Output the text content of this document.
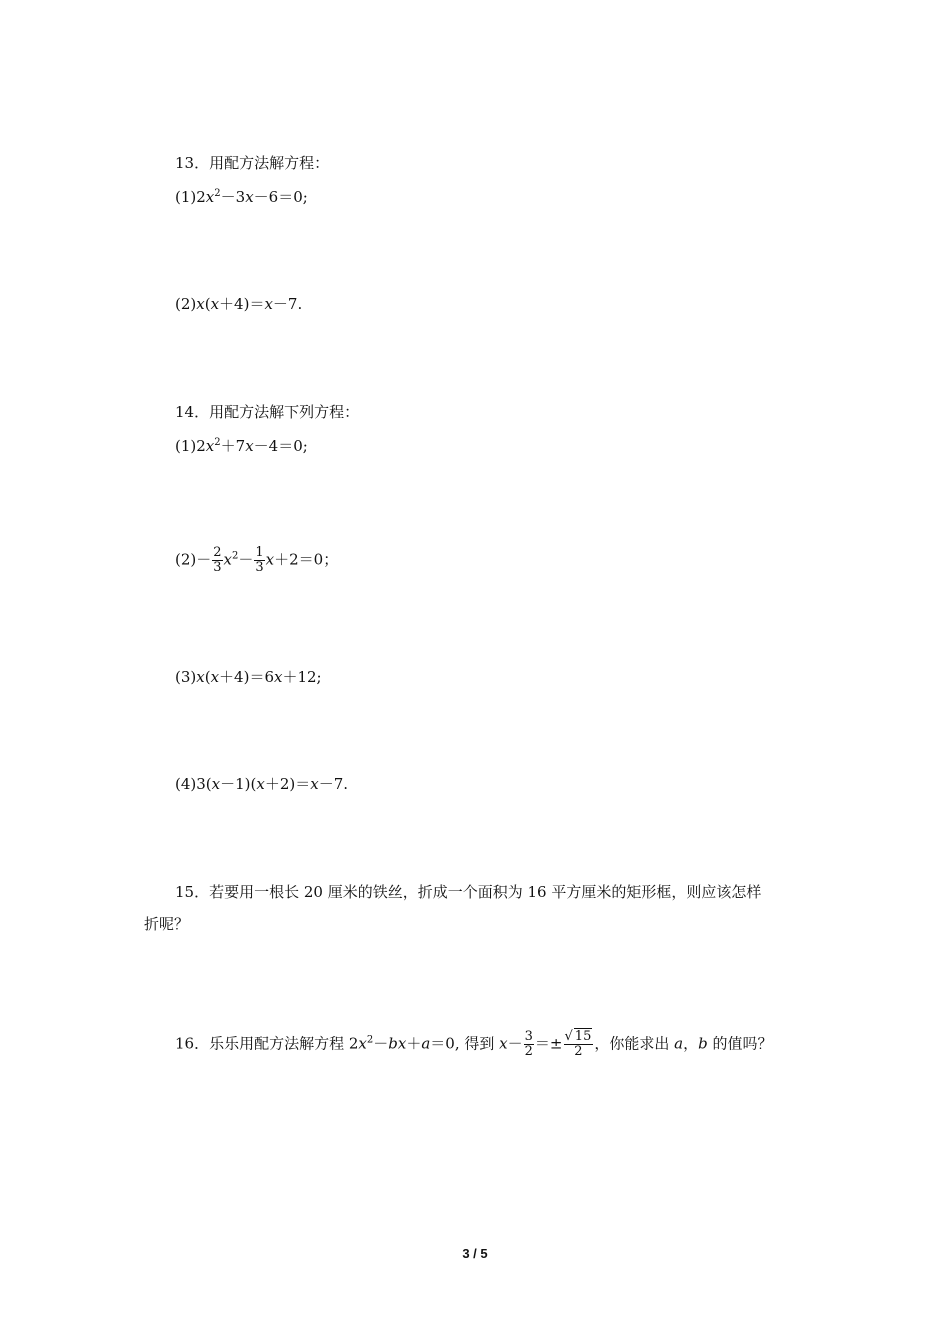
13．用配方法解方程：
$(1)2x^2-3x-6=0$;
(2)x(x＋4)＝x－7.
14．用配方法解下列方程：
$(1)2x^2+7x-4=0$;
$(2)- \frac{2}{3} x^2- \frac{1}{3} x+2=0$；
(3)x(x＋4)＝6x＋12;
(4)3(x－1)(x＋2)＝x－7.
15．若要用一根长 20 厘米的铁丝，折成一个面积为 16 平方厘米的矩形框，则应该怎样
折呢？
16．乐乐用配方法解方程 $2x^2-bx+a=0$, 得到 $x- \frac{3}{2} =\pm \frac{√ 15}{2}$ ，你能求出 a，b 的值吗？
3 / 5
